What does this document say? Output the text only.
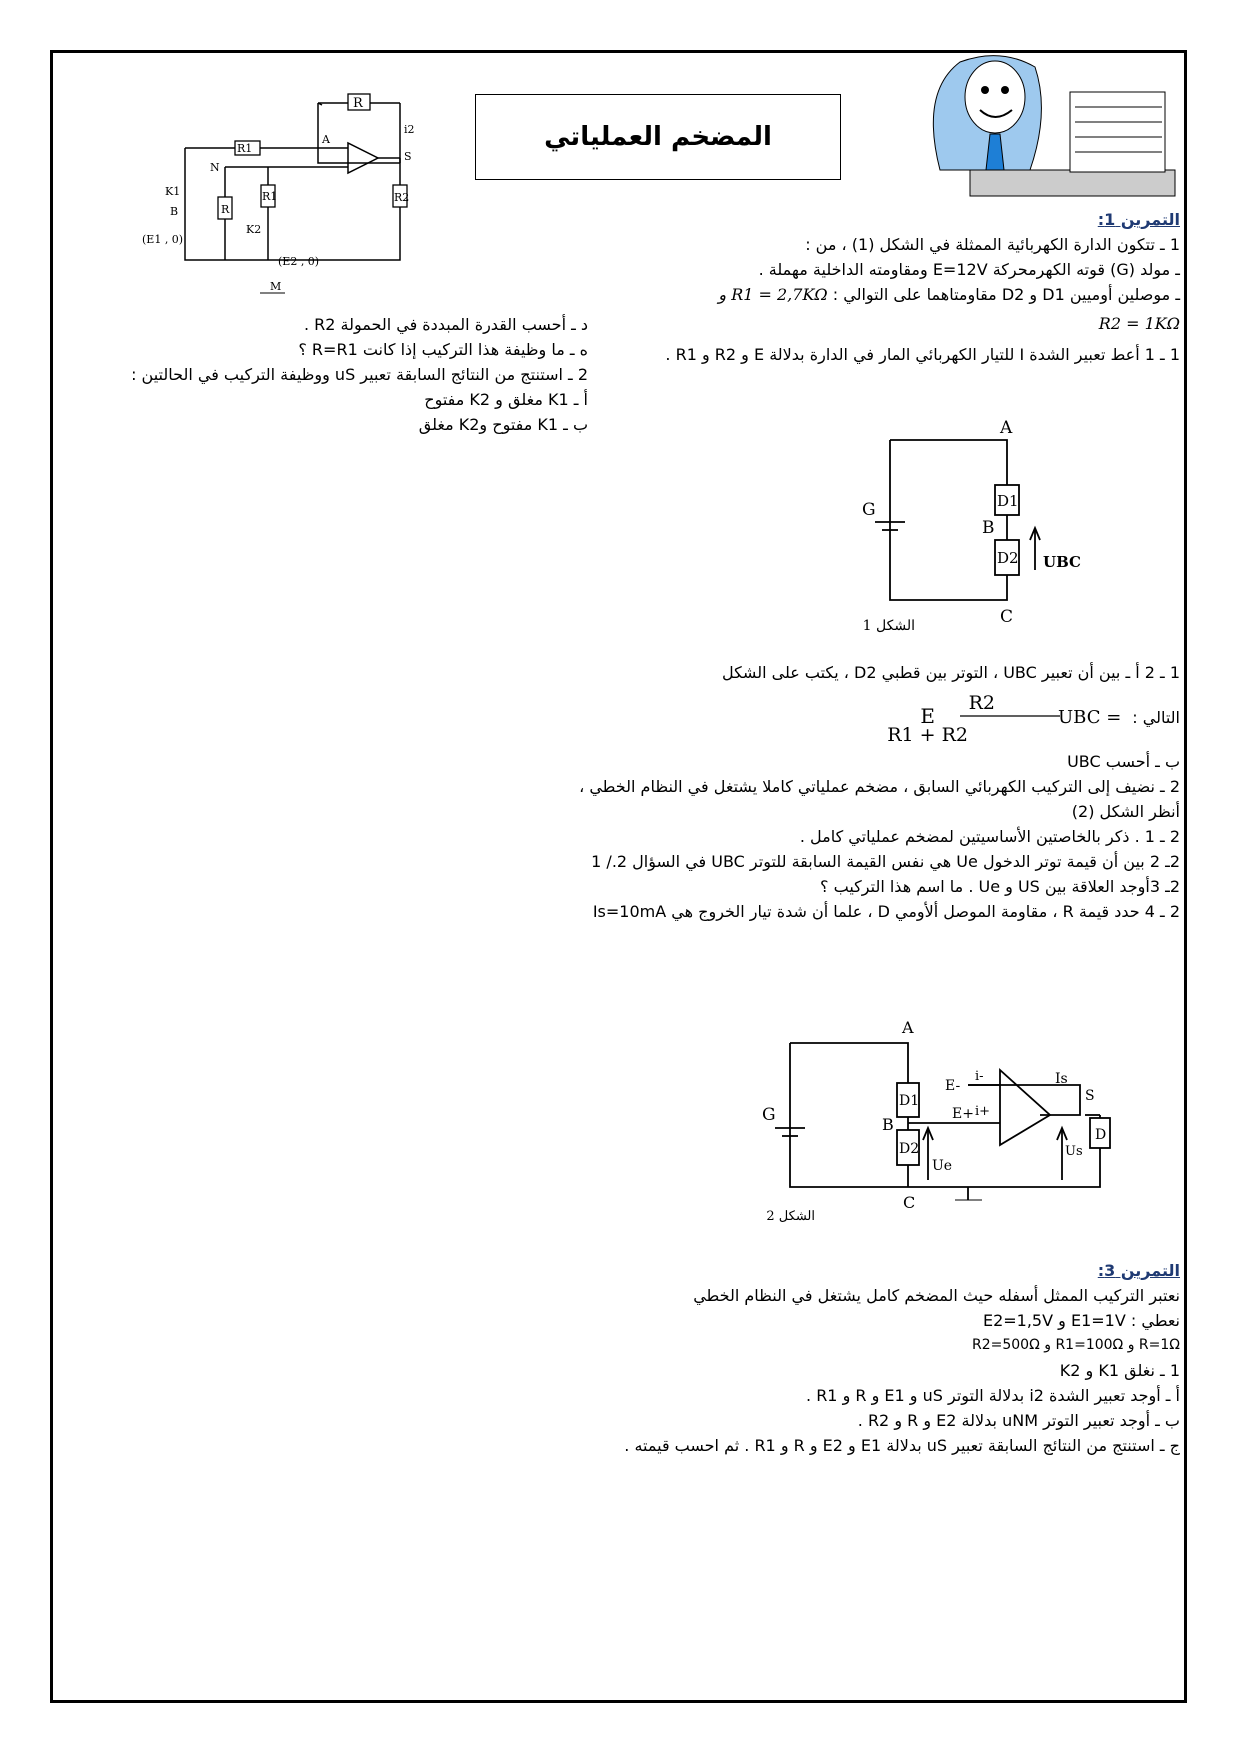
المضخم العملياتي
R
R1
R
R1	R2
A
N
S
i2
K1
B
(E1 , 0)
K2
(E2 , 0)
M

التمرين 1:

1 ـ تتكون الدارة الكهربائية الممثلة في الشكل (1) ، من :

ـ مولد (G) قوته الكهرمحركة E=12V ومقاومته الداخلية مهملة .

ـ موصلين أوميين D1 و D2 مقاومتاهما على التوالي : R1 = 2,7KΩ و

R2 = 1KΩ

1 ـ 1 أعط تعبير الشدة I للتيار الكهربائي المار في الدارة بدلالة E و R2 و R1 .

A
G	D1
B
D2 UBC
C
الشكل 1

1 ـ 2 أ ـ بين أن تعبير UBC ، التوتر بين قطبي D2 ، يكتب على الشكل

التالي :
E
R2
R1 + R2
UBC =

ب ـ أحسب UBC

2 ـ نضيف إلى التركيب الكهربائي السابق ، مضخم عملياتي كاملا يشتغل في النظام الخطي ، أنظر الشكل (2)

2 ـ 1 . ذكر بالخاصتين الأساسيتين لمضخم عملياتي كامل .

2ـ 2 بين أن قيمة توتر الدخول Ue هي نفس القيمة السابقة للتوتر UBC في السؤال 2./ 1

2ـ 3أوجد العلاقة بين US و Ue . ما اسم هذا التركيب ؟

2 ـ 4 حدد قيمة R ، مقاومة الموصل ألأومي D ، علما أن شدة تيار الخروج هي Is=10mA

A
G
D1
B
D2
Ue
E-
i-
i+
E+
Is
S
Us
D
C
الشكل 2

التمرين 3:

نعتبر التركيب الممثل أسفله حيث المضخم كامل يشتغل في النظام الخطي

نعطي : E1=1V و E2=1,5V

R=1Ω و R1=100Ω و R2=500Ω

1 ـ نغلق K1 و K2

أ ـ أوجد تعبير الشدة i2 بدلالة التوتر uS و E1 و R و R1 .

ب ـ أوجد تعبير التوتر uNM بدلالة E2 و R و R2 .

ج ـ استنتج من النتائج السابقة تعبير uS بدلالة E1 و E2 و R و R1 . ثم احسب قيمته .

د ـ أحسب القدرة المبددة في الحمولة R2 .

ه ـ ما وظيفة هذا التركيب إذا كانت R=R1 ؟

2 ـ استنتج من النتائج السابقة تعبير uS ووظيفة التركيب في الحالتين :

أ ـ K1 مغلق و K2 مفتوح

ب ـ K1 مفتوح وK2 مغلق
